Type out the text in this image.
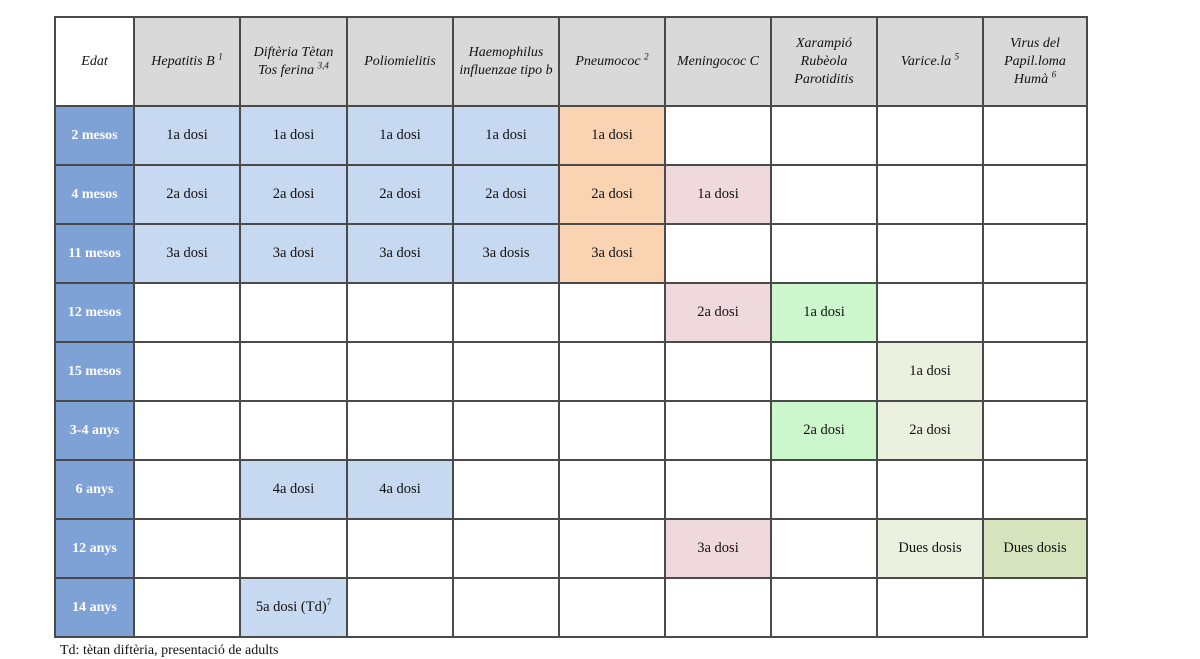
Edat	Hepatitis B $^1$	Diftèria Tètan Tos ferina $^{3,4}$	Poliomielitis	Haemophilus influenzae tipo b	Pneumococ $^2$	Meningococ C	Xarampió Rubèola Parotiditis	Varice.la $^5$	Virus del Papil.loma Humà $^6$
2 mesos	1a dosi	1a dosi	1a dosi	1a dosi	1a dosi				
4 mesos	2a dosi	2a dosi	2a dosi	2a dosi	2a dosi	1a dosi			
11 mesos	3a dosi	3a dosi	3a dosi	3a dosis	3a dosi				
12 mesos						2a dosi	1a dosi		
15 mesos								1a dosi	
3-4 anys							2a dosi	2a dosi	
6 anys		4a dosi	4a dosi						
12 anys						3a dosi		Dues dosis	Dues dosis
14 anys		5a dosi $(Td)^7$							
Td: tètan diftèria, presentació de adults
